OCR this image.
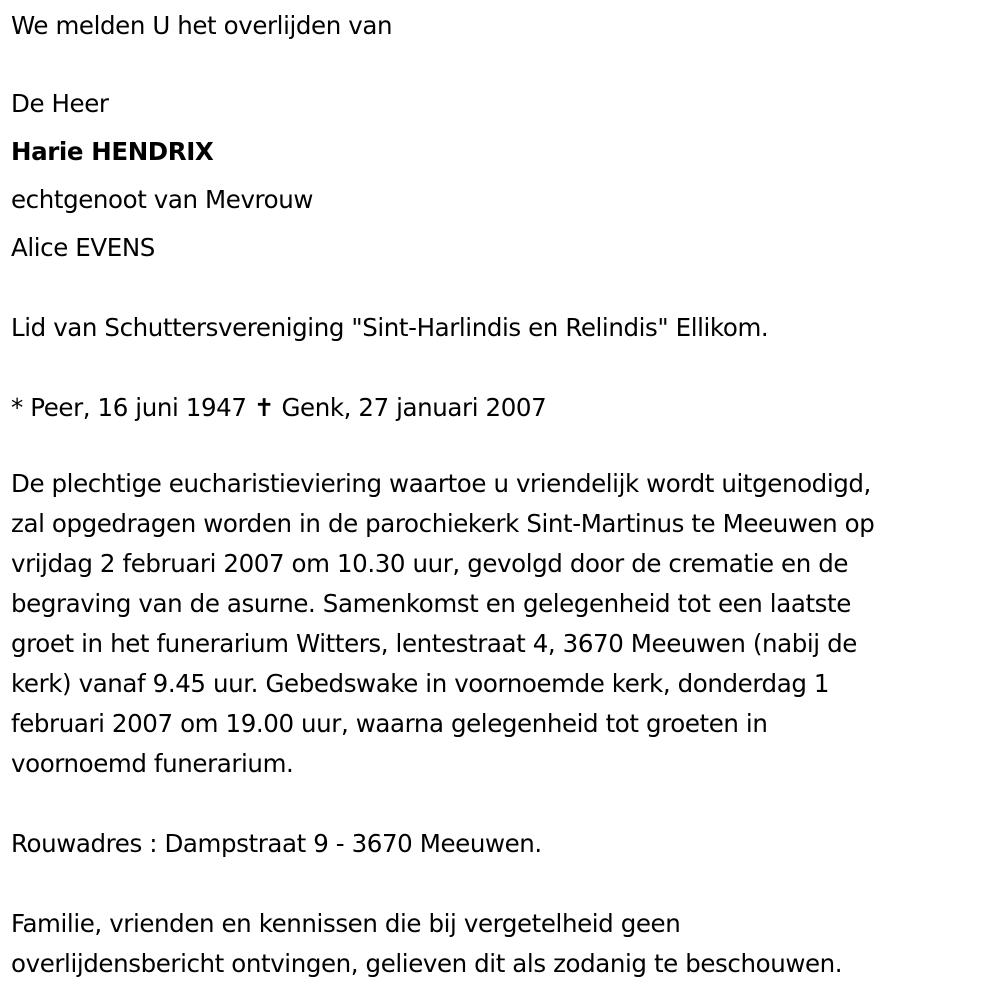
We melden U het overlijden van
De Heer
Harie HENDRIX
echtgenoot van Mevrouw
Alice EVENS
Lid van Schuttersvereniging "Sint-Harlindis en Relindis" Ellikom.
* Peer, 16 juni 1947 ✝ Genk, 27 januari 2007
De plechtige eucharistieviering waartoe u vriendelijk wordt uitgenodigd,
zal opgedragen worden in de parochiekerk Sint-Martinus te Meeuwen op
vrijdag 2 februari 2007 om 10.30 uur, gevolgd door de crematie en de
begraving van de asurne. Samenkomst en gelegenheid tot een laatste
groet in het funerarium Witters, lentestraat 4, 3670 Meeuwen (nabij de
kerk) vanaf 9.45 uur. Gebedswake in voornoemde kerk, donderdag 1
februari 2007 om 19.00 uur, waarna gelegenheid tot groeten in
voornoemd funerarium.
Rouwadres : Dampstraat 9 - 3670 Meeuwen.
Familie, vrienden en kennissen die bij vergetelheid geen
overlijdensbericht ontvingen, gelieven dit als zodanig te beschouwen.
